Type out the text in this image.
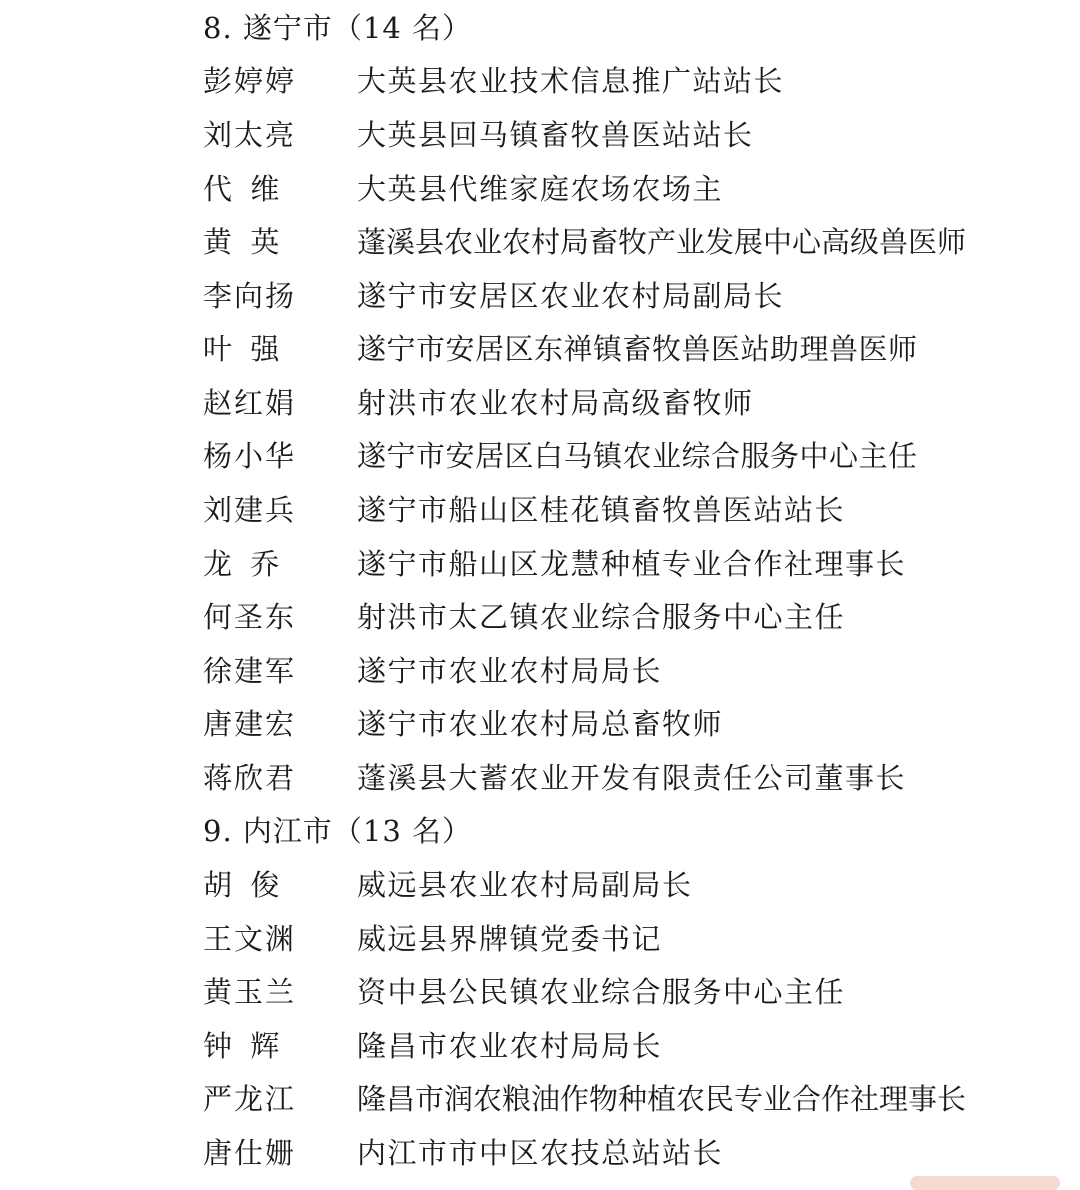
8. 遂宁市（14 名）
彭婷婷	大英县农业技术信息推广站站长
刘太亮	大英县回马镇畜牧兽医站站长
代  维	大英县代维家庭农场农场主
黄  英	蓬溪县农业农村局畜牧产业发展中心高级兽医师
李向扬	遂宁市安居区农业农村局副局长
叶  强	遂宁市安居区东禅镇畜牧兽医站助理兽医师
赵红娟	射洪市农业农村局高级畜牧师
杨小华	遂宁市安居区白马镇农业综合服务中心主任
刘建兵	遂宁市船山区桂花镇畜牧兽医站站长
龙  乔	遂宁市船山区龙慧种植专业合作社理事长
何圣东	射洪市太乙镇农业综合服务中心主任
徐建军	遂宁市农业农村局局长
唐建宏	遂宁市农业农村局总畜牧师
蒋欣君	蓬溪县大蓄农业开发有限责任公司董事长
9. 内江市（13 名）
胡  俊	威远县农业农村局副局长
王文渊	威远县界牌镇党委书记
黄玉兰	资中县公民镇农业综合服务中心主任
钟  辉	隆昌市农业农村局局长
严龙江	隆昌市润农粮油作物种植农民专业合作社理事长
唐仕姗	内江市市中区农技总站站长
